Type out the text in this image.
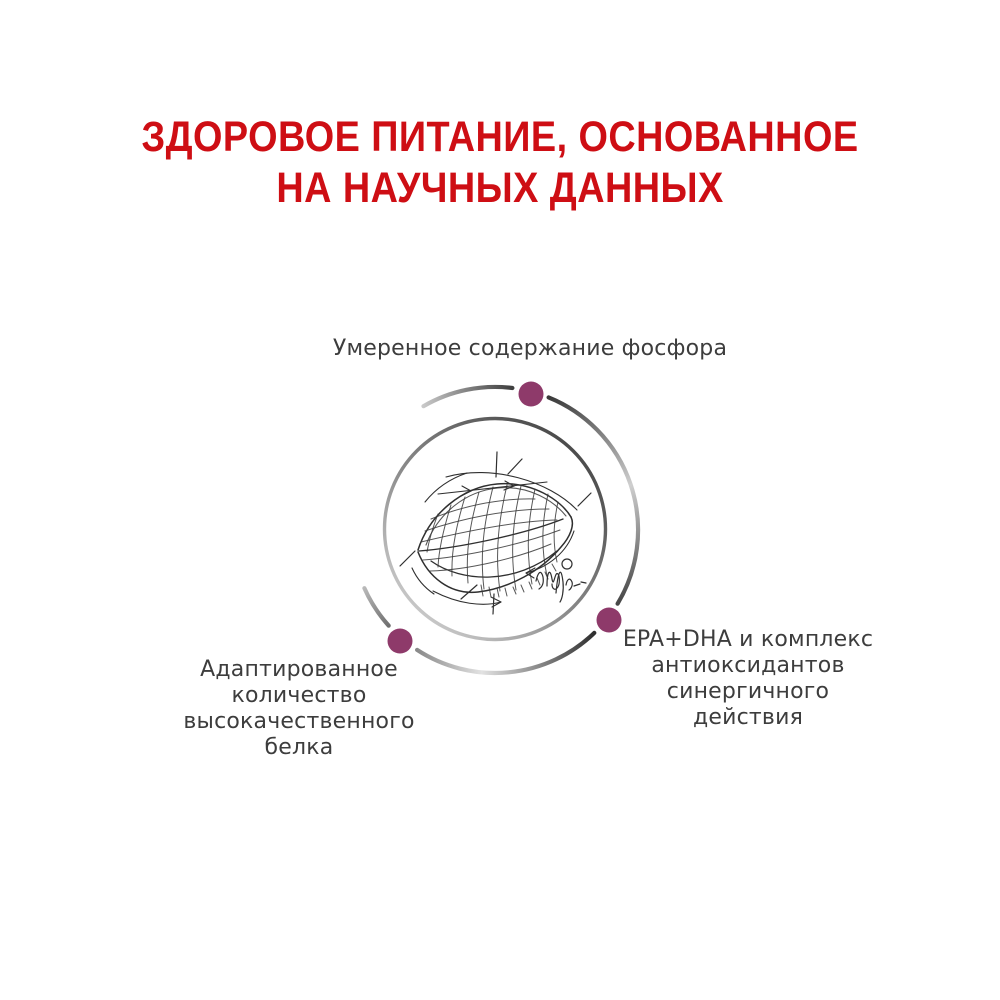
ЗДОРОВОЕ ПИТАНИЕ, ОСНОВАННОЕ
НА НАУЧНЫХ ДАННЫХ
Умеренное содержание фосфора
Адаптированное
количество
высокачественного
белка
EPA+DHA и комплекс
антиоксидантов
синергичного
действия
